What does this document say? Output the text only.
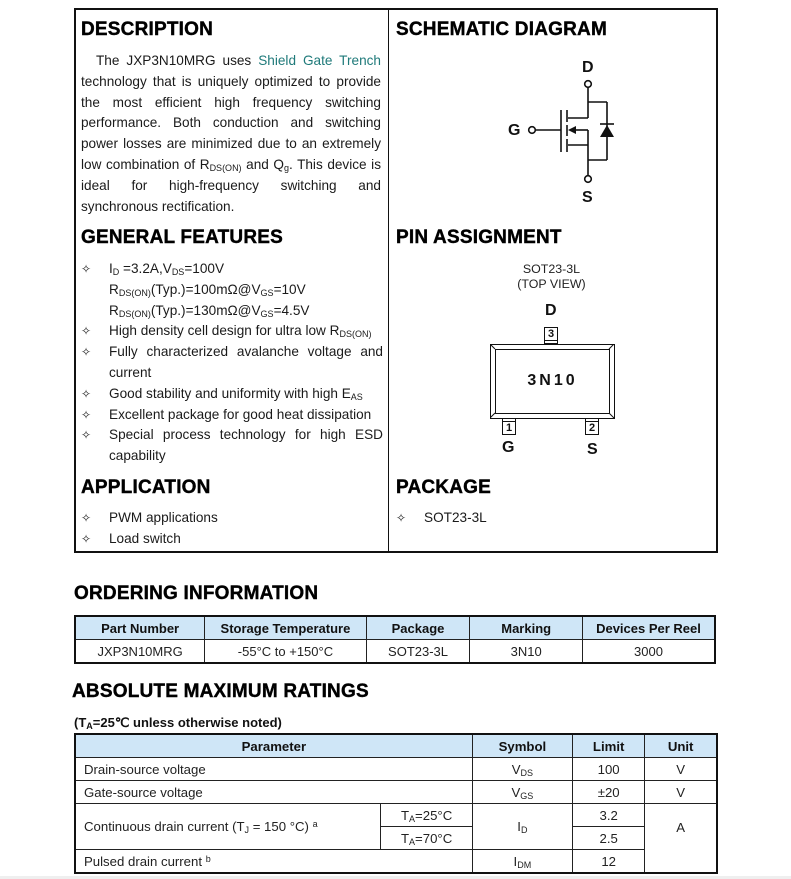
DESCRIPTION
The JXP3N10MRG uses Shield Gate Trench technology that is uniquely optimized to provide the most efficient high frequency switching performance. Both conduction and switching power losses are minimized due to an extremely low combination of $R_{DS(ON)}$ and $Q_g$. This device is ideal for high-frequency switching and synchronous rectification.
GENERAL FEATURES
✧ $I_D =3.2A,V_{DS}=100V$
$R_{DS(ON)}(Typ.)=100m\Omega@V_{GS}=10V$
$R_{DS(ON)}(Typ.)=130m\Omega@V_{GS}=4.5V$
✧ High density cell design for ultra low $R_{DS(ON)}$
✧ Fully characterized avalanche voltage and current
✧ Good stability and uniformity with high $E_{AS}$
✧ Excellent package for good heat dissipation
✧ Special process technology for high ESD capability
APPLICATION
✧ PWM applications
✧ Load switch
SCHEMATIC DIAGRAM
D
G
S
PIN ASSIGNMENT
SOT23-3L
(TOP VIEW)
D
3
3N10
1	2
G	S
PACKAGE
✧ SOT23-3L
ORDERING INFORMATION
Part Number	Storage Temperature	Package	Marking	Devices Per Reel
JXP3N10MRG	-55°C to +150°C	SOT23-3L	3N10	3000
ABSOLUTE MAXIMUM RATINGS
($T_A=25℃$ unless otherwise noted)
Parameter		Symbol	Limit	Unit
Drain-source voltage		$V_{DS}$	100	V
Gate-source voltage		$V_{GS}$	±20	V
Continuous drain current ($T_J = 150$ °C) $^a$	$T_A=25^\circ C$	$I_D$	3.2	A
	$T_A=70^\circ C$		2.5	
Pulsed drain current $^b$		$I_{DM}$	12	
